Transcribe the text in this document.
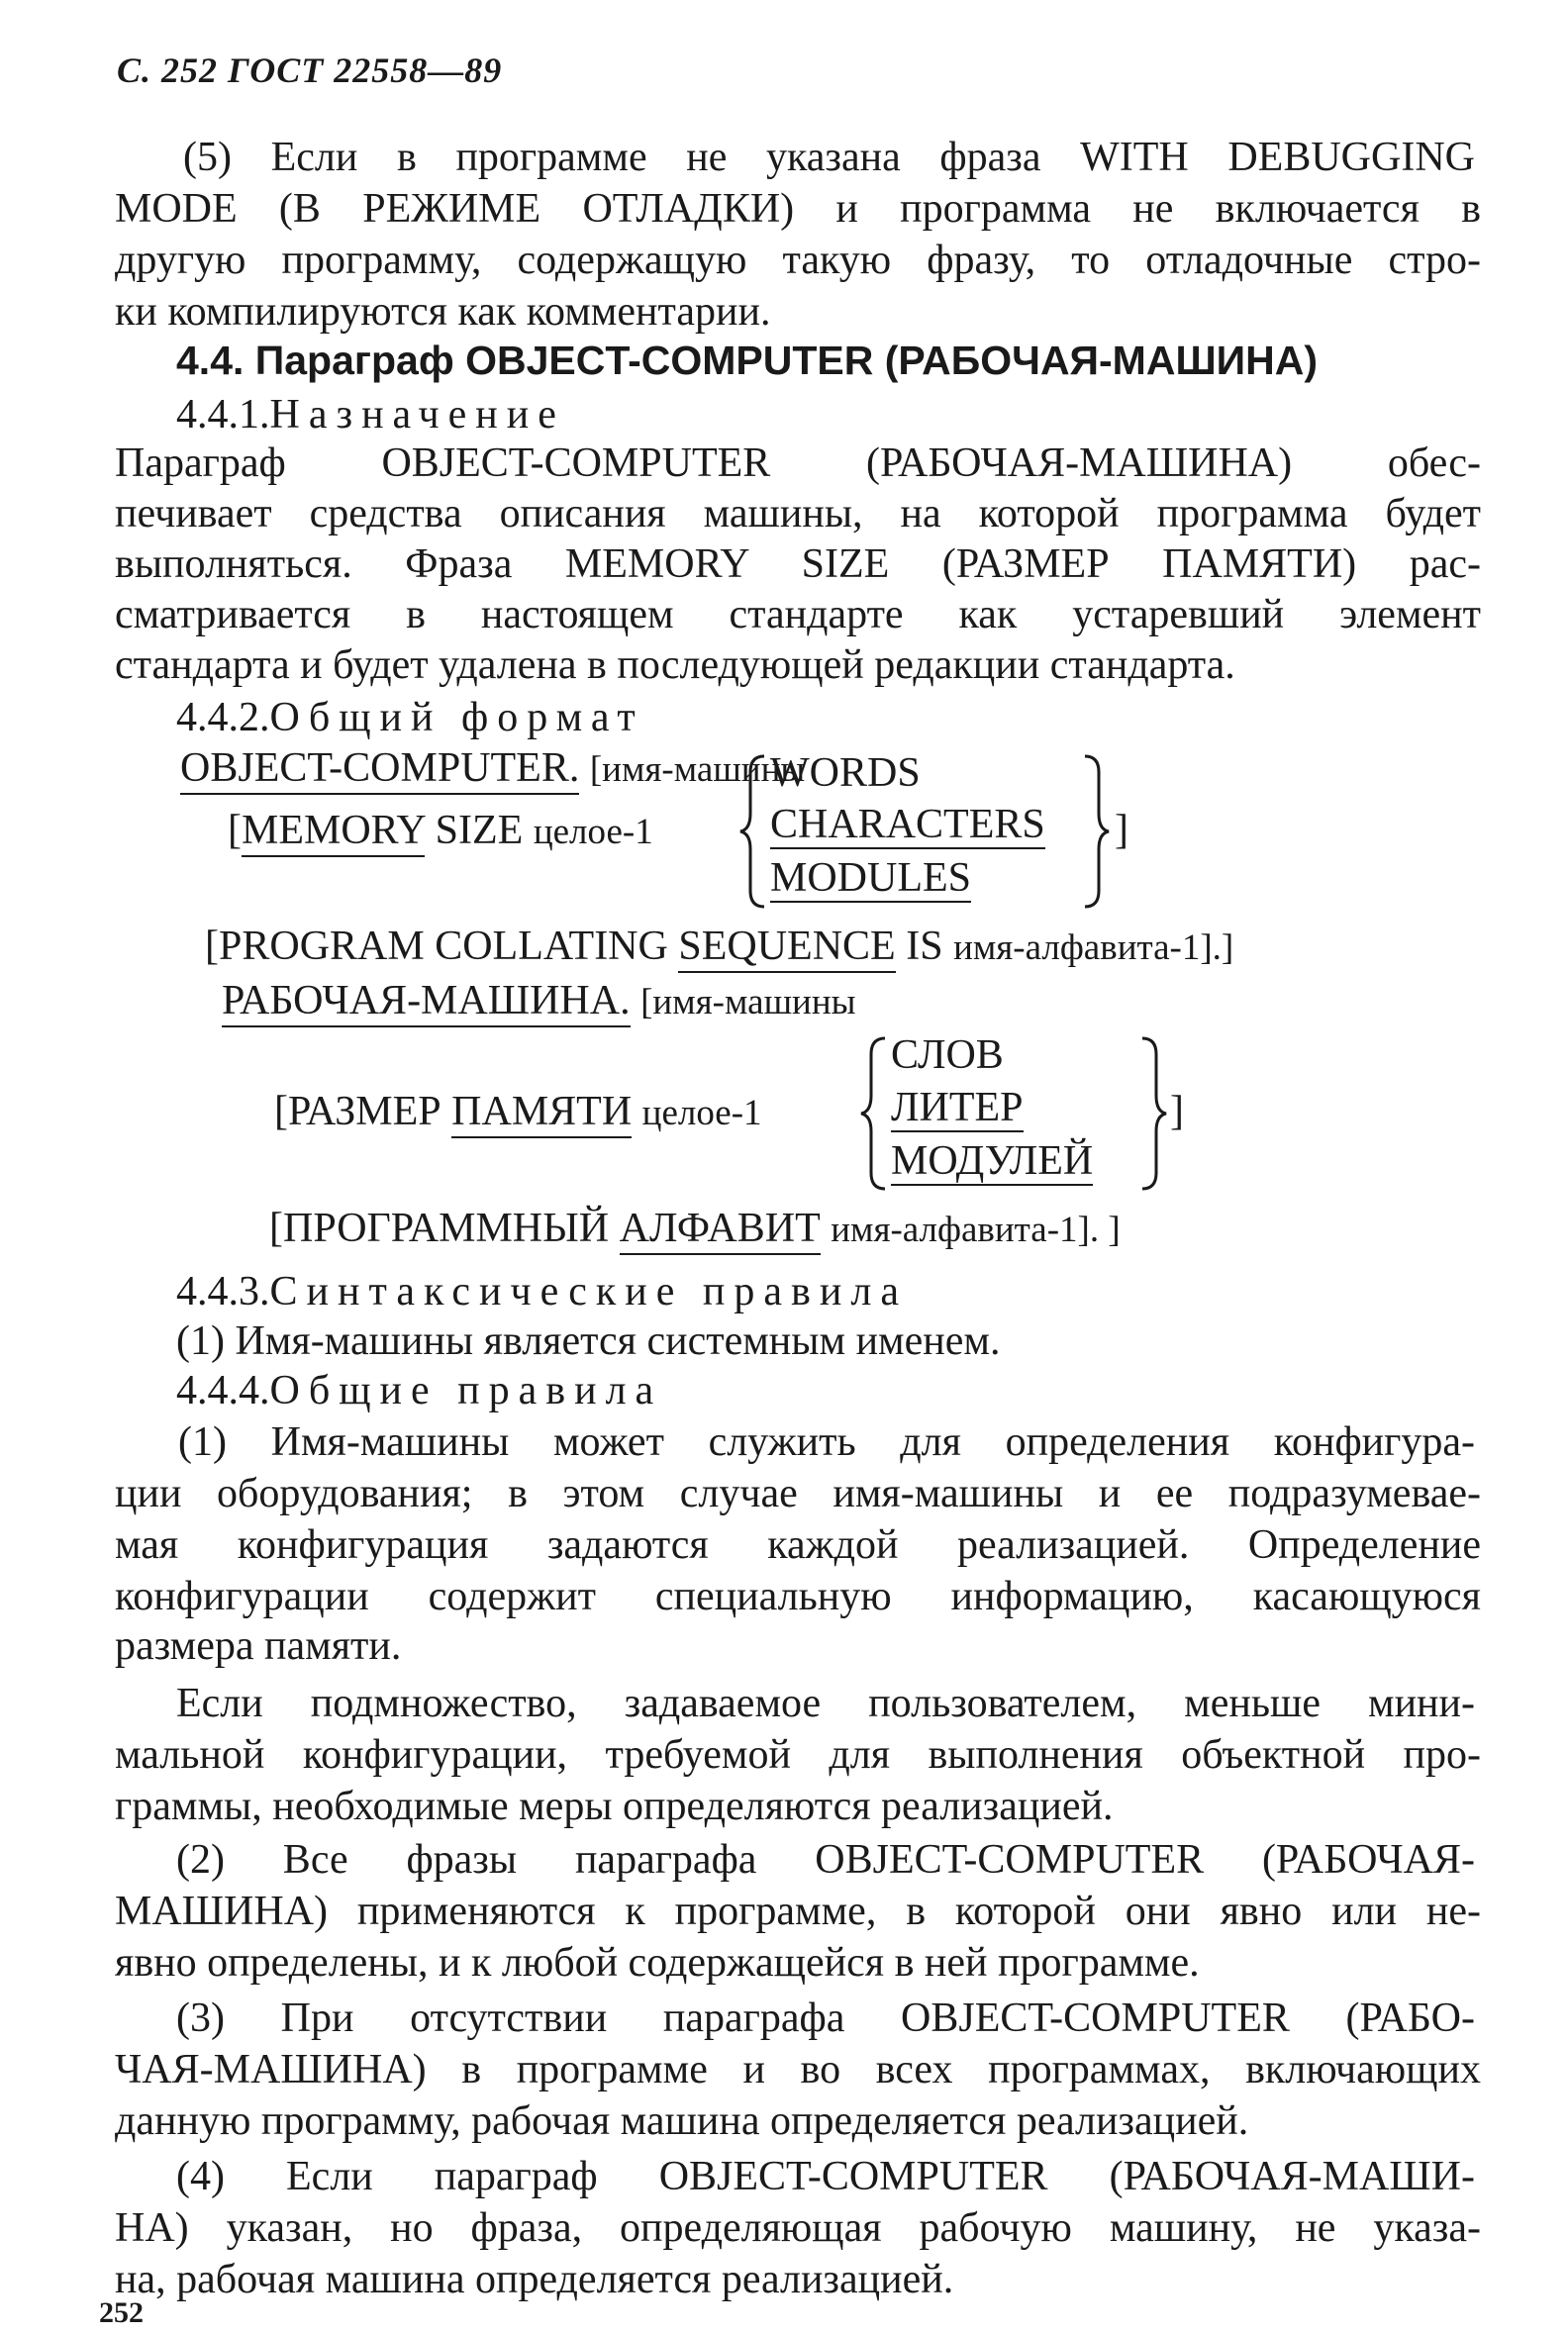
С. 252 ГОСТ 22558—89
(5) Если в программе не указана фраза WITH DEBUGGING
MODE (В РЕЖИМЕ ОТЛАДКИ) и программа не включается в
другую программу, содержащую такую фразу, то отладочные стро-
ки компилируются как комментарии.
4.4. Параграф OBJECT-COMPUTER (РАБОЧАЯ-МАШИНА)
4.4.1.Назначение
Параграф OBJECT-COMPUTER (РАБОЧАЯ-МАШИНА) обес-
печивает средства описания машины, на которой программа будет
выполняться. Фраза MEMORY SIZE (РАЗМЕР ПАМЯТИ) рас-
сматривается в настоящем стандарте как устаревший элемент
стандарта и будет удалена в последующей редакции стандарта.
4.4.2.Общий формат
OBJECT-COMPUTER. [имя-машины
[MEMORY SIZE целое-1
WORDS
CHARACTERS
MODULES
]
[PROGRAM COLLATING SEQUENCE IS имя-алфавита-1].]
РАБОЧАЯ-МАШИНА. [имя-машины
[РАЗМЕР ПАМЯТИ целое-1
СЛОВ
ЛИТЕР
МОДУЛЕЙ
]
[ПРОГРАММНЫЙ АЛФАВИТ имя-алфавита-1]. ]
4.4.3.Синтаксические правила
(1) Имя-машины является системным именем.
4.4.4.Общие правила
(1) Имя-машины может служить для определения конфигура-
ции оборудования; в этом случае имя-машины и ее подразумевае-
мая конфигурация задаются каждой реализацией. Определение
конфигурации содержит специальную информацию, касающуюся
размера памяти.
Если подмножество, задаваемое пользователем, меньше мини-
мальной конфигурации, требуемой для выполнения объектной про-
граммы, необходимые меры определяются реализацией.
(2) Все фразы параграфа OBJECT-COMPUTER (РАБОЧАЯ-
МАШИНА) применяются к программе, в которой они явно или не-
явно определены, и к любой содержащейся в ней программе.
(3) При отсутствии параграфа OBJECT-COMPUTER (РАБО-
ЧАЯ-МАШИНА) в программе и во всех программах, включающих
данную программу, рабочая машина определяется реализацией.
(4) Если параграф OBJECT-COMPUTER (РАБОЧАЯ-МАШИ-
НА) указан, но фраза, определяющая рабочую машину, не указа-
на, рабочая машина определяется реализацией.
252
